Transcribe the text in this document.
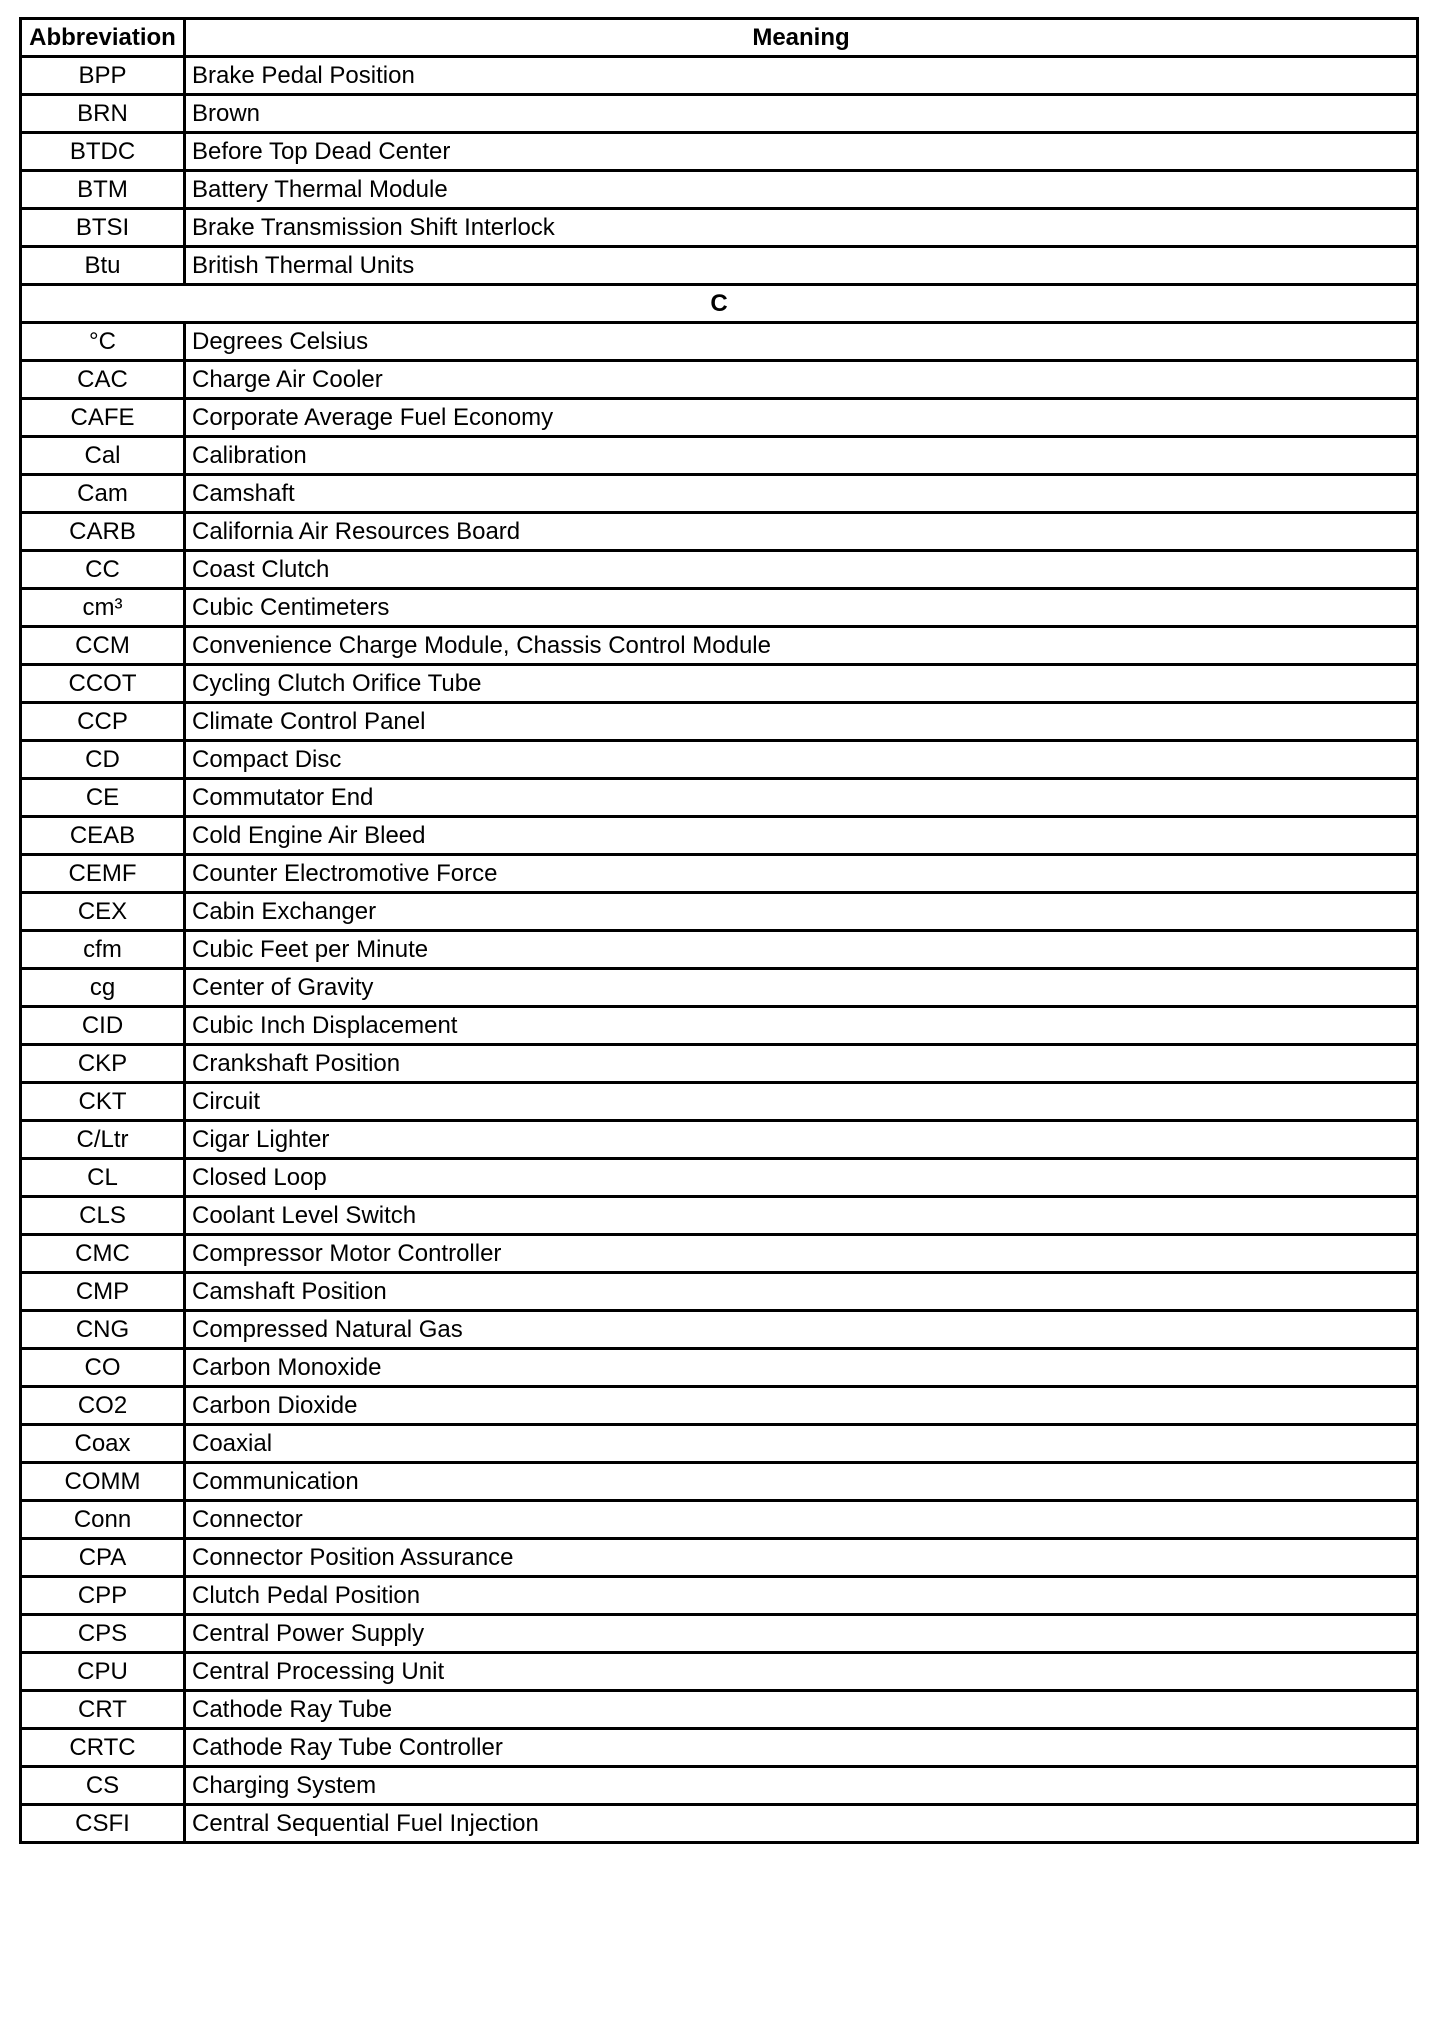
Abbreviation	Meaning
BPP	Brake Pedal Position
BRN	Brown
BTDC	Before Top Dead Center
BTM	Battery Thermal Module
BTSI	Brake Transmission Shift Interlock
Btu	British Thermal Units
C	
°C	Degrees Celsius
CAC	Charge Air Cooler
CAFE	Corporate Average Fuel Economy
Cal	Calibration
Cam	Camshaft
CARB	California Air Resources Board
CC	Coast Clutch
cm³	Cubic Centimeters
CCM	Convenience Charge Module, Chassis Control Module
CCOT	Cycling Clutch Orifice Tube
CCP	Climate Control Panel
CD	Compact Disc
CE	Commutator End
CEAB	Cold Engine Air Bleed
CEMF	Counter Electromotive Force
CEX	Cabin Exchanger
cfm	Cubic Feet per Minute
cg	Center of Gravity
CID	Cubic Inch Displacement
CKP	Crankshaft Position
CKT	Circuit
C/Ltr	Cigar Lighter
CL	Closed Loop
CLS	Coolant Level Switch
CMC	Compressor Motor Controller
CMP	Camshaft Position
CNG	Compressed Natural Gas
CO	Carbon Monoxide
CO2	Carbon Dioxide
Coax	Coaxial
COMM	Communication
Conn	Connector
CPA	Connector Position Assurance
CPP	Clutch Pedal Position
CPS	Central Power Supply
CPU	Central Processing Unit
CRT	Cathode Ray Tube
CRTC	Cathode Ray Tube Controller
CS	Charging System
CSFI	Central Sequential Fuel Injection
